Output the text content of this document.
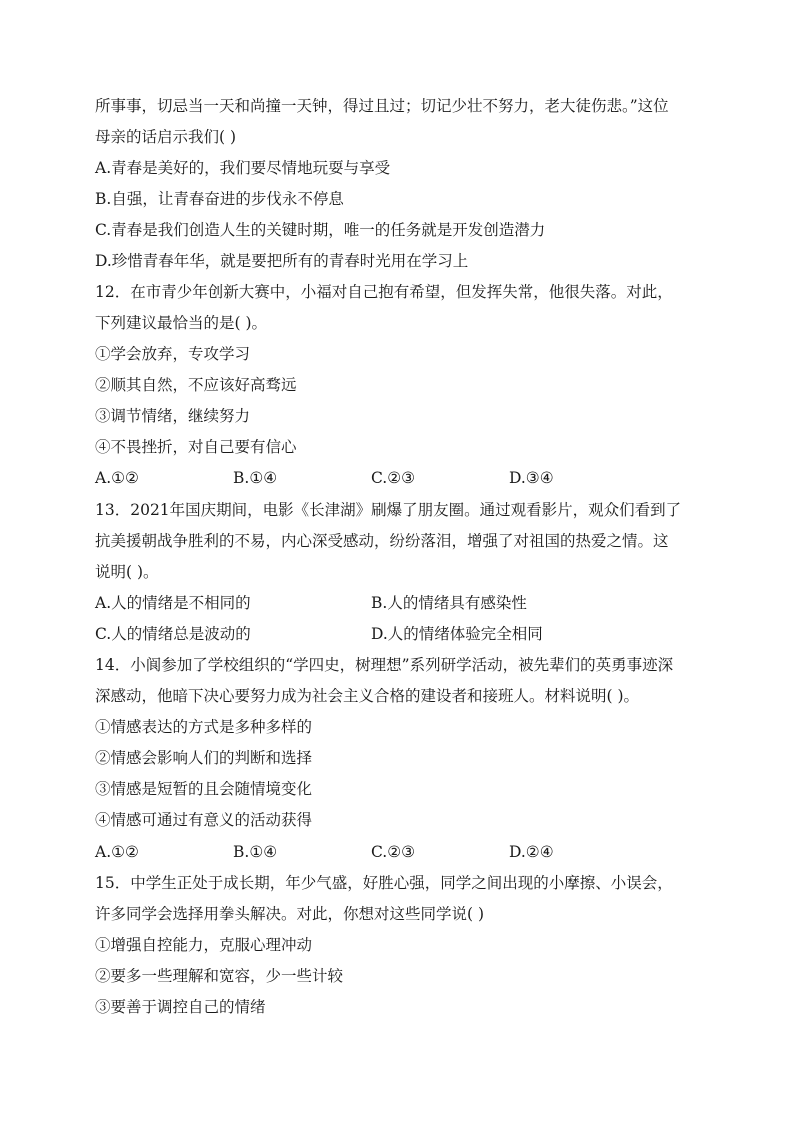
所事事，切忌当一天和尚撞一天钟，得过且过；切记少壮不努力，老大徒伤悲。”这位
母亲的话启示我们( )
A.青春是美好的，我们要尽情地玩耍与享受
B.自强，让青春奋进的步伐永不停息
C.青春是我们创造人生的关键时期，唯一的任务就是开发创造潜力
D.珍惜青春年华，就是要把所有的青春时光用在学习上
12．在市青少年创新大赛中，小福对自己抱有希望，但发挥失常，他很失落。对此，
下列建议最恰当的是( )。
①学会放弃，专攻学习
②顺其自然，不应该好高骛远
③调节情绪，继续努力
④不畏挫折，对自己要有信心
A.①②	B.①④	C.②③	D.③④
13．2021年国庆期间，电影《长津湖》刷爆了朋友圈。通过观看影片，观众们看到了
抗美援朝战争胜利的不易，内心深受感动，纷纷落泪，增强了对祖国的热爱之情。这
说明( )。
A.人的情绪是不相同的	B.人的情绪具有感染性
C.人的情绪总是波动的	D.人的情绪体验完全相同
14．小阆参加了学校组织的“学四史，树理想”系列研学活动，被先辈们的英勇事迹深
深感动，他暗下决心要努力成为社会主义合格的建设者和接班人。材料说明( )。
①情感表达的方式是多种多样的
②情感会影响人们的判断和选择
③情感是短暂的且会随情境变化
④情感可通过有意义的活动获得
A.①②	B.①④	C.②③	D.②④
15．中学生正处于成长期，年少气盛，好胜心强，同学之间出现的小摩擦、小误会，
许多同学会选择用拳头解决。对此，你想对这些同学说( )
①增强自控能力，克服心理冲动
②要多一些理解和宽容，少一些计较
③要善于调控自己的情绪
